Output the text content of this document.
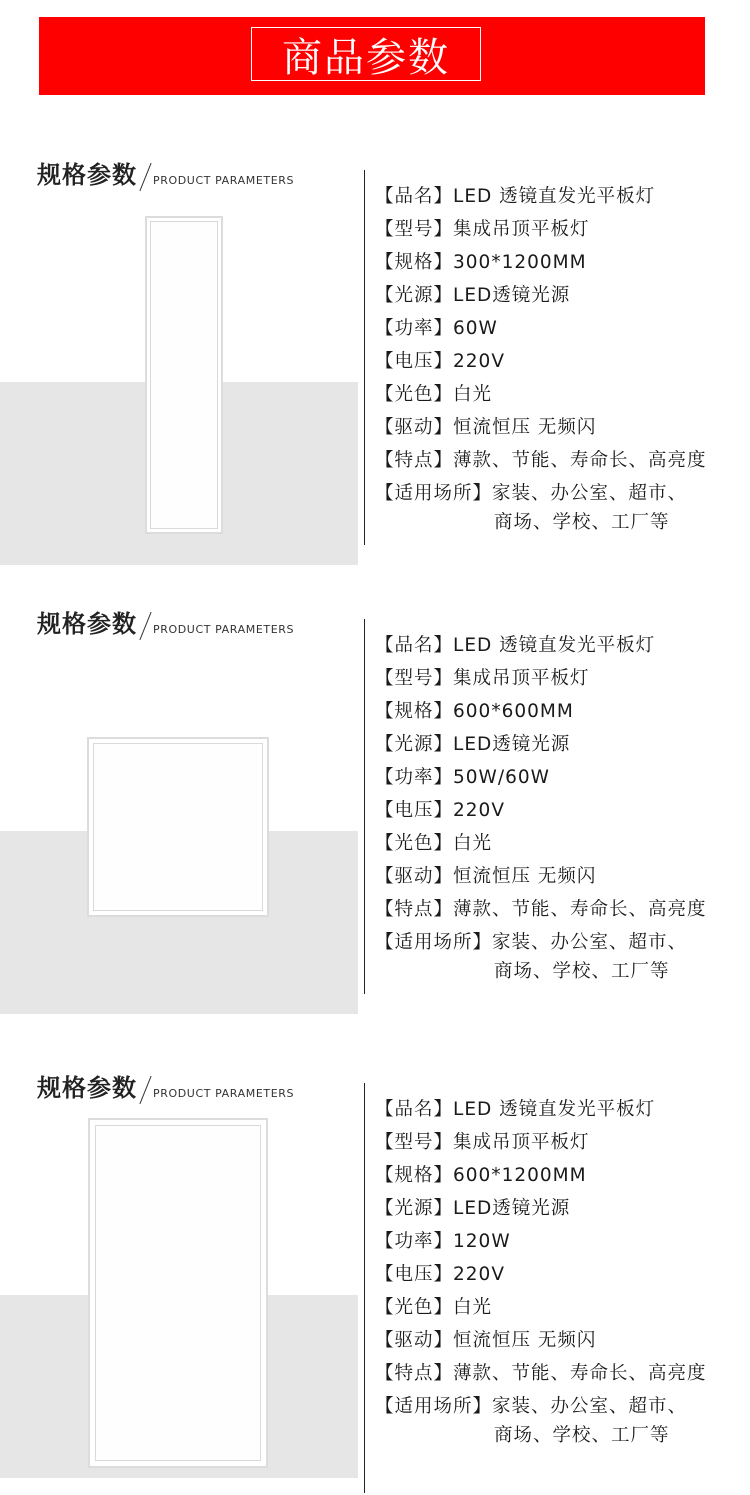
商品参数
规格参数 PRODUCT PARAMETERS
【品名】LED 透镜直发光平板灯
【型号】集成吊顶平板灯
【规格】300*1200MM
【光源】LED透镜光源
【功率】60W
【电压】220V
【光色】白光
【驱动】恒流恒压 无频闪
【特点】薄款、节能、寿命长、高亮度
【适用场所】家装、办公室、超市、
商场、学校、工厂等
规格参数 PRODUCT PARAMETERS
【品名】LED 透镜直发光平板灯
【型号】集成吊顶平板灯
【规格】600*600MM
【光源】LED透镜光源
【功率】50W/60W
【电压】220V
【光色】白光
【驱动】恒流恒压 无频闪
【特点】薄款、节能、寿命长、高亮度
【适用场所】家装、办公室、超市、
商场、学校、工厂等
规格参数 PRODUCT PARAMETERS
【品名】LED 透镜直发光平板灯
【型号】集成吊顶平板灯
【规格】600*1200MM
【光源】LED透镜光源
【功率】120W
【电压】220V
【光色】白光
【驱动】恒流恒压 无频闪
【特点】薄款、节能、寿命长、高亮度
【适用场所】家装、办公室、超市、
商场、学校、工厂等
